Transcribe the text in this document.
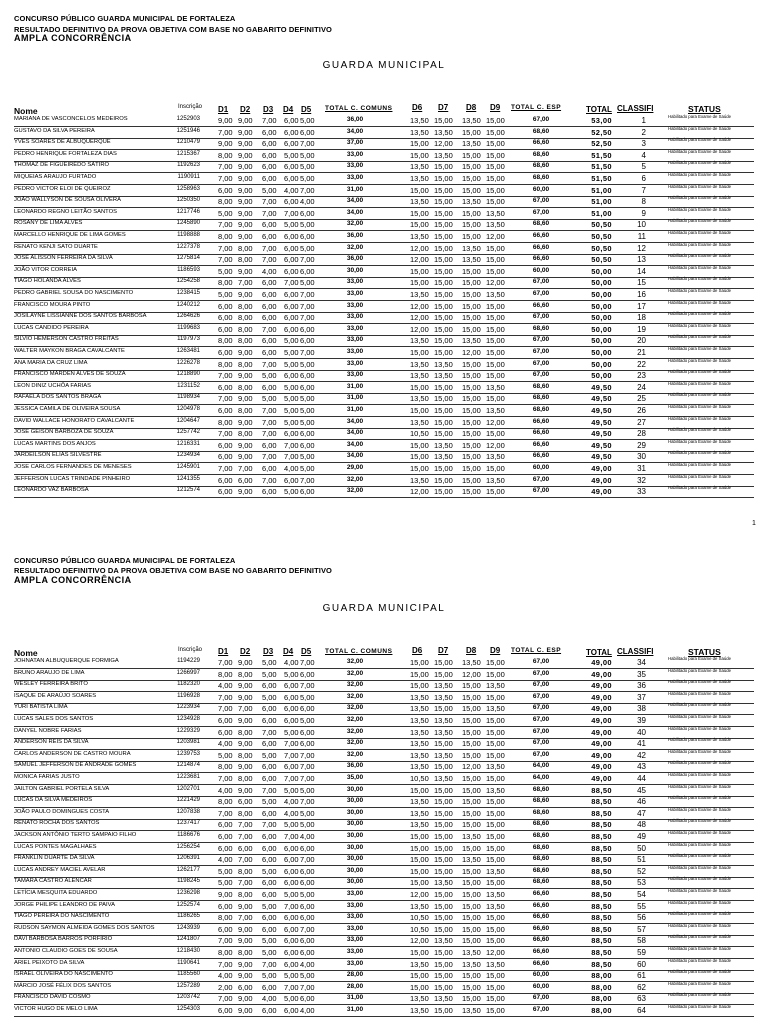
CONCURSO PÚBLICO GUARDA MUNICIPAL DE FORTALEZA
RESULTADO DEFINITIVO DA PROVA OBJETIVA COM BASE NO GABARITO DEFINITIVO
AMPLA CONCORRÊNCIA
GUARDA MUNICIPAL
Inscrição
Nome	D1 D2 D3 D4 D5 TOTAL C. COMUNS D6 D7 D8 D9 TOTAL C. ESP	TOTAL CLASSIFI	STATUS
MARIANA DE VASCONCELOS MEDEIROS	1252903 9,00 9,00 7,00 6,00 5,00	36,00	13,50 15,00 13,50 15,00	67,00	53,00	1	Habilitado para Exame de Saúde
GUSTAVO DA SILVA PEREIRA	1251946 7,00 9,00 6,00 6,00 6,00	34,00	13,50 13,50 15,00 15,00	68,60	52,50	2	Habilitado para Exame de Saúde
YVES SOARES DE ALBUQUERQUE	1210479 9,00 9,00 6,00 6,00 7,00	37,00	15,00 12,00 13,50 15,00	66,60	52,50	3	Habilitado para Exame de Saúde
PEDRO HENRIQUE FORTALEZA DIAS	1215367 8,00 9,00 6,00 5,00 5,00	33,00	15,00 13,50 15,00 15,00	68,60	51,50	4	Habilitado para Exame de Saúde
THOMAZ DE FIGUEIRÊDO SÁTIRO	1192623 7,00 9,00 6,00 6,00 5,00	33,00	13,50 15,00 15,00 15,00	68,60	51,50	5	Habilitado para Exame de Saúde
MIQUEIAS ARAUJO FURTADO	1190911 7,00 9,00 6,00 6,00 5,00	33,00	13,50 15,00 15,00 15,00	68,60	51,50	6	Habilitado para Exame de Saúde
PEDRO VICTOR ELOI DE QUEIROZ	1258963 6,00 9,00 5,00 4,00 7,00	31,00	15,00 15,00 15,00 15,00	60,00	51,00	7	Habilitado para Exame de Saúde
JOÃO WALLYSON DE SOUSA OLIVERA	1250350 8,00 9,00 7,00 6,00 4,00	34,00	13,50 15,00 13,50 15,00	67,00	51,00	8	Habilitado para Exame de Saúde
LEONARDO REGNO LEITÃO SANTOS	1217746 5,00 9,00 7,00 7,00 6,00	34,00	15,00 15,00 15,00 13,50	67,00	51,00	9	Habilitado para Exame de Saúde
ROSANY DE LIMA ALVES	1245890 7,00 9,00 6,00 5,00 5,00	32,00	15,00 15,00 15,00 13,50	68,60	50,50	10	Habilitado para Exame de Saúde
MARCELLO HENRIQUE DE LIMA GOMES	1198888 8,00 9,00 6,00 6,00 6,00	36,00	13,50 15,00 15,00 12,00	66,60	50,50	11	Habilitado para Exame de Saúde
RENATO KENJI SATO DUARTE	1227378 7,00 8,00 7,00 6,00 5,00	32,00	12,00 15,00 13,50 15,00	66,60	50,50	12	Habilitado para Exame de Saúde
JOSÉ ALISSON FERREIRA DA SILVA	1275814 7,00 8,00 7,00 6,00 7,00	36,00	12,00 15,00 13,50 15,00	66,60	50,50	13	Habilitado para Exame de Saúde
JOÃO VITOR CORREIA	1186593 5,00 9,00 4,00 6,00 6,00	30,00	15,00 15,00 15,00 15,00	60,00	50,00	14	Habilitado para Exame de Saúde
TIAGO HOLANDA ALVES	1254258 8,00 7,00 6,00 7,00 5,00	33,00	15,00 15,00 15,00 12,00	67,00	50,00	15	Habilitado para Exame de Saúde
PEDRO GABRIEL SOUSA DO NASCIMENTO	1238415 5,00 9,00 6,00 6,00 7,00	33,00	13,50 15,00 15,00 13,50	67,00	50,00	16	Habilitado para Exame de Saúde
FRANCISCO MOURA PINTO	1240212 6,00 8,00 6,00 6,00 7,00	33,00	12,00 15,00 15,00 15,00	66,60	50,00	17	Habilitado para Exame de Saúde
JOSILAYNE LISSIANNE DOS SANTOS BARBOSA	1264626 6,00 8,00 6,00 6,00 7,00	33,00	12,00 15,00 15,00 15,00	67,00	50,00	18	Habilitado para Exame de Saúde
LUCAS CANDIDO PEREIRA	1199683 6,00 8,00 7,00 6,00 6,00	33,00	12,00 15,00 15,00 15,00	68,60	50,00	19	Habilitado para Exame de Saúde
SILVIO HEMERSON CASTRO FREITAS	1197973 8,00 8,00 6,00 5,00 6,00	33,00	13,50 15,00 13,50 15,00	67,00	50,00	20	Habilitado para Exame de Saúde
WALTER MAYKON BRAGA CAVALCANTE	1263481 6,00 9,00 6,00 5,00 7,00	33,00	15,00 15,00 12,00 15,00	67,00	50,00	21	Habilitado para Exame de Saúde
ANA MARIA DA CRUZ LIMA	1226278 8,00 8,00 7,00 5,00 5,00	33,00	13,50 13,50 15,00 15,00	67,00	50,00	22	Habilitado para Exame de Saúde
FRANCISCO MARDEN ALVES DE SOUZA	1218890 7,00 9,00 5,00 6,00 6,00	33,00	13,50 13,50 15,00 15,00	67,00	50,00	23	Habilitado para Exame de Saúde
LEON DINIZ UCHÔA FARIAS	1231152 6,00 8,00 6,00 5,00 6,00	31,00	15,00 15,00 15,00 13,50	68,60	49,50	24	Habilitado para Exame de Saúde
RAFAELA DOS SANTOS BRAGA	1198934 7,00 9,00 5,00 5,00 5,00	31,00	13,50 15,00 15,00 15,00	68,60	49,50	25	Habilitado para Exame de Saúde
JESSICA CAMILA DE OLIVEIRA SOUSA	1204978 6,00 8,00 7,00 5,00 5,00	31,00	15,00 15,00 15,00 13,50	68,60	49,50	26	Habilitado para Exame de Saúde
DAVID WALLACE HONORATO CAVALCANTE	1204647 8,00 9,00 7,00 5,00 5,00	34,00	13,50 15,00 15,00 12,00	66,60	49,50	27	Habilitado para Exame de Saúde
JOSE GEISON BARBOZA DE SOUZA	1257742 7,00 8,00 7,00 6,00 6,00	34,00	10,50 15,00 15,00 15,00	66,60	49,50	28	Habilitado para Exame de Saúde
LUCAS MARTINS DOS ANJOS	1216331 6,00 9,00 6,00 7,00 6,00	34,00	15,00 13,50 15,00 12,00	66,60	49,50	29	Habilitado para Exame de Saúde
JARDEILSON ELIAS SILVESTRE	1234934 6,00 9,00 7,00 7,00 5,00	34,00	15,00 13,50 15,00 13,50	66,60	49,50	30	Habilitado para Exame de Saúde
JOSE CARLOS FERNANDES DE MENESES	1245901 7,00 7,00 6,00 4,00 5,00	29,00	15,00 15,00 15,00 15,00	60,00	49,00	31	Habilitado para Exame de Saúde
JEFFERSON LUCAS TRINDADE PINHEIRO	1241355 6,00 6,00 7,00 6,00 7,00	32,00	13,50 15,00 15,00 13,50	67,00	49,00	32	Habilitado para Exame de Saúde
LEONARDO VAZ BARBOSA	1212574 6,00 9,00 6,00 5,00 6,00	32,00	12,00 15,00 15,00 15,00	67,00	49,00	33	Habilitado para Exame de Saúde
1
CONCURSO PÚBLICO GUARDA MUNICIPAL DE FORTALEZA
RESULTADO DEFINITIVO DA PROVA OBJETIVA COM BASE NO GABARITO DEFINITIVO
AMPLA CONCORRÊNCIA
GUARDA MUNICIPAL
Nome	Inscrição D1 D2 D3 D4 D5 TOTAL C. COMUNS D6 D7 D8 D9 TOTAL C. ESP	TOTAL CLASSIFI	STATUS
JOHNATAN ALBUQUERQUE FORMIGA	1194229 7,00 9,00 5,00 4,00 7,00	32,00	15,00 15,00 13,50 15,00	67,00	49,00	34	Habilitado para Exame de Saúde
BRUNO ARAUJO DE LIMA	1266997 8,00 8,00 5,00 5,00 6,00	32,00	15,00 15,00 12,00 15,00	67,00	49,00	35	Habilitado para Exame de Saúde
WESLEY FERREIRA BRITO	1182320 4,00 9,00 6,00 6,00 7,00	32,00	15,00 13,50 15,00 13,50	67,00	49,00	36	Habilitado para Exame de Saúde
ISAQUE DE ARAÚJO SOARES	1196928 7,00 9,00 5,00 6,00 5,00	32,00	13,50 13,50 15,00 15,00	67,00	49,00	37	Habilitado para Exame de Saúde
YURI BATISTA LIMA	1223934 7,00 7,00 6,00 6,00 6,00	32,00	13,50 15,00 15,00 13,50	67,00	49,00	38	Habilitado para Exame de Saúde
LUCAS SALES DOS SANTOS	1234928 6,00 9,00 6,00 6,00 5,00	32,00	13,50 13,50 15,00 15,00	67,00	49,00	39	Habilitado para Exame de Saúde
DANYEL NOBRE FARIAS	1229329 6,00 8,00 7,00 5,00 6,00	32,00	13,50 13,50 15,00 15,00	67,00	49,00	40	Habilitado para Exame de Saúde
ANDERSON REIS DA SILVA	1203981 4,00 9,00 6,00 7,00 6,00	32,00	13,50 15,00 15,00 15,00	67,00	49,00	41	Habilitado para Exame de Saúde
CARLOS ANDERSON DE CASTRO MOURA	1239753 5,00 8,00 5,00 7,00 7,00	32,00	13,50 13,50 15,00 15,00	67,00	49,00	42	Habilitado para Exame de Saúde
SAMUEL JEFFERSON DE ANDRADE GOMES	1214874 8,00 9,00 6,00 6,00 7,00	36,00	13,50 15,00 12,00 13,50	64,00	49,00	43	Habilitado para Exame de Saúde
MONICA FARIAS JUSTO	1223681 7,00 8,00 6,00 7,00 7,00	35,00	10,50 13,50 15,00 15,00	64,00	49,00	44	Habilitado para Exame de Saúde
JAILTON GABRIEL PORTELA SILVA	1202701 4,00 9,00 7,00 5,00 5,00	30,00	15,00 15,00 15,00 13,50	68,60	88,50	45	Habilitado para Exame de Saúde
LUCAS DA SILVA MEDEIROS	1221429 8,00 6,00 5,00 4,00 7,00	30,00	13,50 15,00 15,00 15,00	68,60	88,50	46	Habilitado para Exame de Saúde
JOÃO PAULO DOMINGUES COSTA	1207838 7,00 8,00 6,00 4,00 5,00	30,00	13,50 15,00 15,00 15,00	68,60	88,50	47	Habilitado para Exame de Saúde
RENATO ROCHA DOS SANTOS	1237417 6,00 7,00 7,00 5,00 5,00	30,00	13,50 15,00 15,00 15,00	68,60	88,50	48	Habilitado para Exame de Saúde
JACKSON ANTÔNIO TERTO SAMPAIO FILHO	1186676 6,00 7,00 6,00 7,00 4,00	30,00	15,00 15,00 13,50 15,00	68,60	88,50	49	Habilitado para Exame de Saúde
LUCAS PONTES MAGALHAES	1256254 6,00 6,00 6,00 6,00 6,00	30,00	15,00 15,00 15,00 15,00	68,60	88,50	50	Habilitado para Exame de Saúde
FRANKLIN DUARTE DA SILVA	1206391 4,00 7,00 6,00 6,00 7,00	30,00	15,00 15,00 13,50 15,00	68,60	88,50	51	Habilitado para Exame de Saúde
LUCAS ANDREY MACIEL AVELAR	1262177 5,00 8,00 5,00 6,00 6,00	30,00	15,00 15,00 15,00 13,50	68,60	88,50	52	Habilitado para Exame de Saúde
TAMARA CASTRO ALENCAR	1198245 5,00 7,00 6,00 6,00 6,00	30,00	15,00 13,50 15,00 15,00	68,60	88,50	53	Habilitado para Exame de Saúde
LETÍCIA MESQUITA EDUARDO	1236298 9,00 8,00 6,00 5,00 5,00	33,00	12,00 15,00 15,00 13,50	66,60	88,50	54	Habilitado para Exame de Saúde
JORGE PHILIPE LEANDRO DE PAIVA	1252574 6,00 9,00 5,00 7,00 6,00	33,00	13,50 15,00 15,00 13,50	66,60	88,50	55	Habilitado para Exame de Saúde
TIAGO PEREIRA DO NASCIMENTO	1186265 8,00 7,00 6,00 6,00 6,00	33,00	10,50 15,00 15,00 15,00	66,60	88,50	56	Habilitado para Exame de Saúde
RUDSON SAYMON ALMEIDA GOMES DOS SANTOS	1243939 6,00 9,00 6,00 6,00 7,00	33,00	10,50 15,00 15,00 15,00	66,60	88,50	57	Habilitado para Exame de Saúde
DAVI BARBOSA BARROS PORFÍRIO	1241807 7,00 9,00 5,00 6,00 6,00	33,00	12,00 13,50 15,00 15,00	66,60	88,50	58	Habilitado para Exame de Saúde
ANTONIO CLAUDIO GOES DE SOUSA	1218430 8,00 8,00 5,00 6,00 6,00	33,00	15,00 15,00 13,50 12,00	66,60	88,50	59	Habilitado para Exame de Saúde
ARIEL PEIXOTO DA SILVA	1190641 7,00 9,00 7,00 6,00 4,00	33,00	13,50 15,00 13,50 13,50	66,60	88,50	60	Habilitado para Exame de Saúde
ISRAEL OLIVEIRA DO NASCIMENTO	1185560 4,00 9,00 5,00 5,00 5,00	28,00	15,00 15,00 15,00 15,00	60,00	88,00	61	Habilitado para Exame de Saúde
MÁRCIO JOSÉ FÉLIX DOS SANTOS	1257289 2,00 6,00 6,00 7,00 7,00	28,00	15,00 15,00 15,00 15,00	60,00	88,00	62	Habilitado para Exame de Saúde
FRANCISCO DAVID COSMO	1203742 7,00 9,00 4,00 5,00 6,00	31,00	13,50 13,50 15,00 15,00	67,00	88,00	63	Habilitado para Exame de Saúde
VICTOR HUGO DE MELO LIMA	1254303 6,00 9,00 6,00 6,00 4,00	31,00	13,50 15,00 13,50 15,00	67,00	88,00	64	Habilitado para Exame de Saúde
